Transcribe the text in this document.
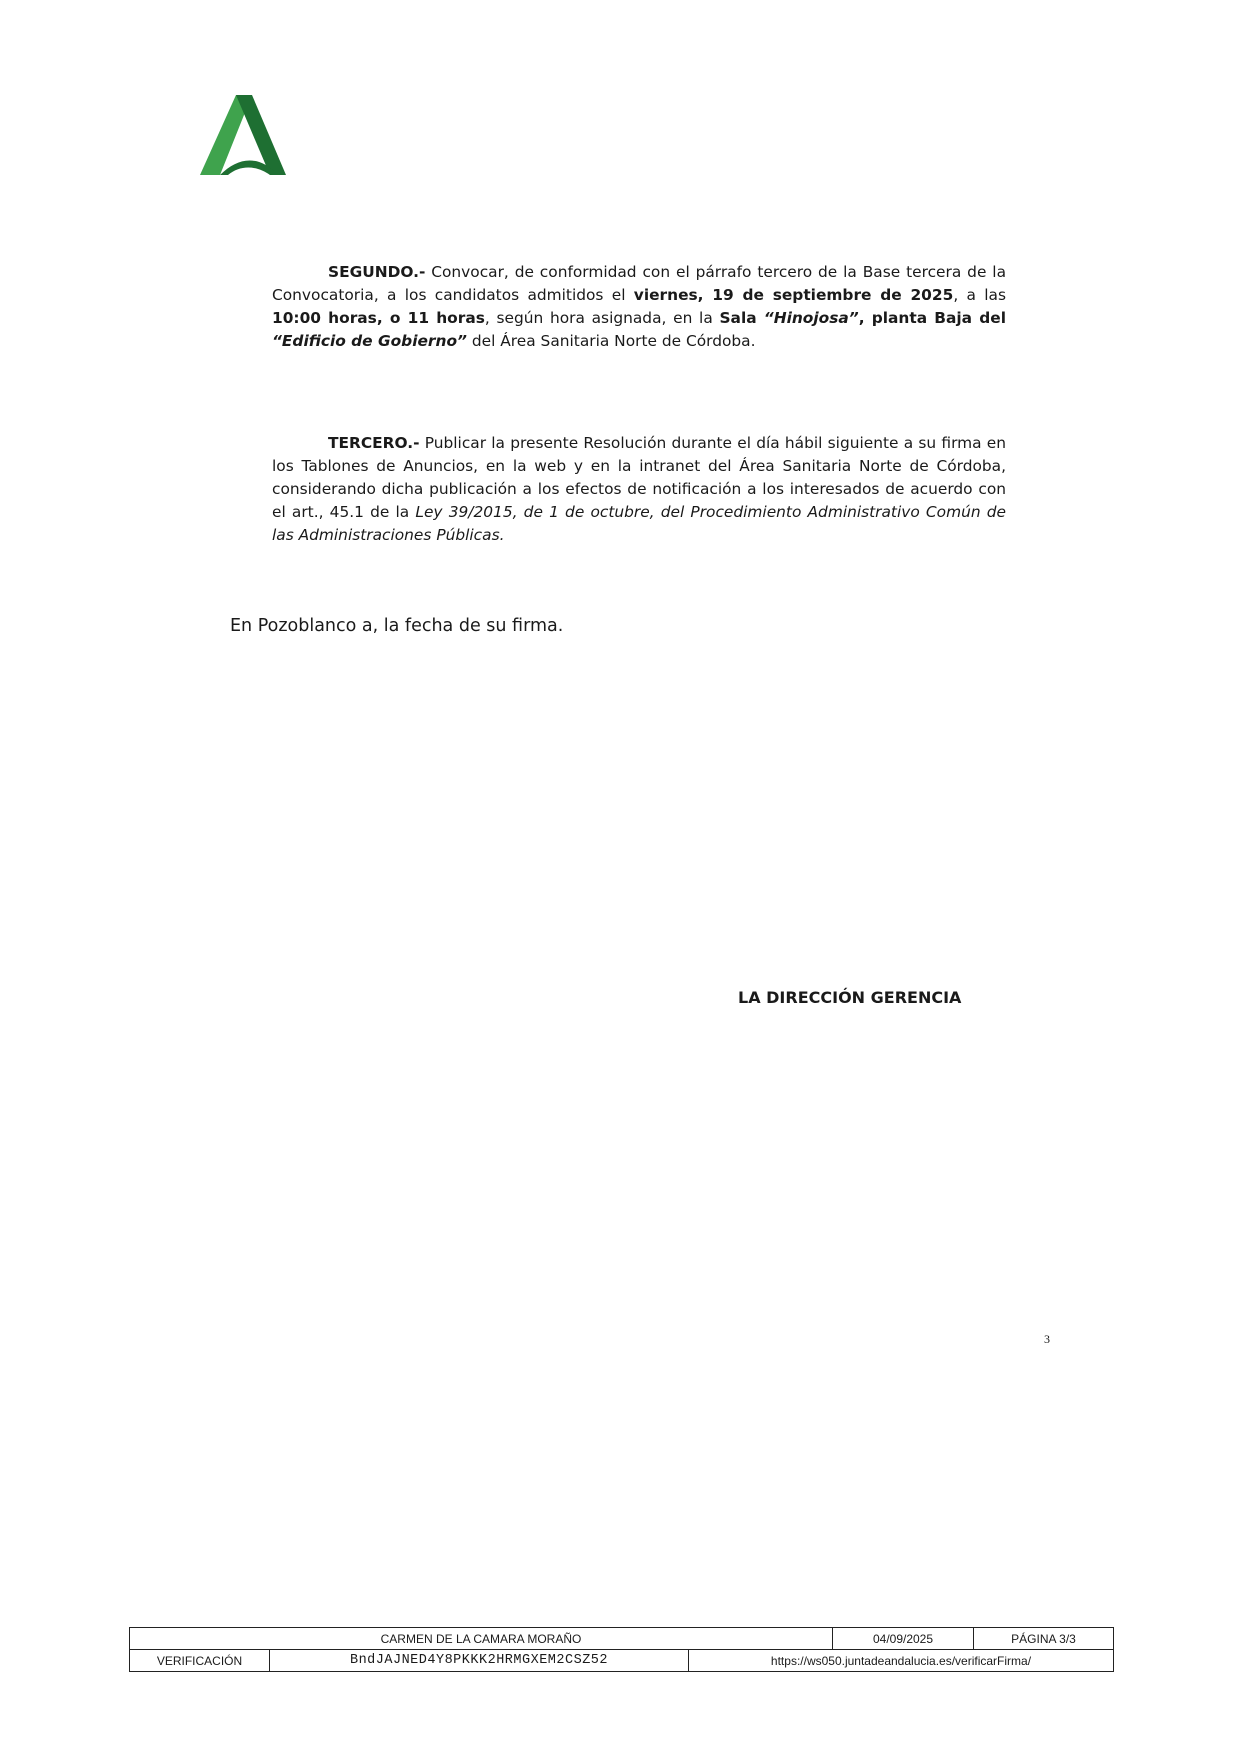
SEGUNDO.- Convocar, de conformidad con el párrafo tercero de la Base tercera de la Convocatoria, a los candidatos admitidos el viernes, 19 de septiembre de 2025, a las 10:00 horas, o 11 horas, según hora asignada, en la Sala “Hinojosa”, planta Baja del “Edificio de Gobierno” del Área Sanitaria Norte de Córdoba.
TERCERO.- Publicar la presente Resolución durante el día hábil siguiente a su firma en los Tablones de Anuncios, en la web y en la intranet del Área Sanitaria Norte de Córdoba, considerando dicha publicación a los efectos de notificación a los interesados de acuerdo con el art., 45.1 de la Ley 39/2015, de 1 de octubre, del Procedimiento Administrativo Común de las Administraciones Públicas.
En Pozoblanco a, la fecha de su firma.
LA DIRECCIÓN GERENCIA
3
CARMEN DE LA CAMARA MORAÑO			04/09/2025	PÁGINA 3/3
VERIFICACIÓN	BndJAJNED4Y8PKKK2HRMGXEM2CSZ52	https://ws050.juntadeandalucia.es/verificarFirma/		
